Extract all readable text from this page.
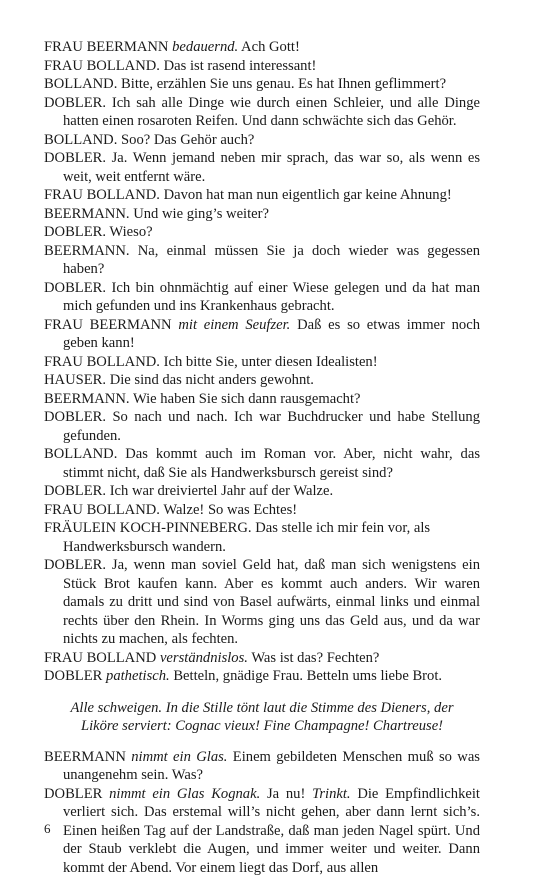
FRAU BEERMANN bedauernd. Ach Gott!

FRAU BOLLAND. Das ist rasend interessant!

BOLLAND. Bitte, erzählen Sie uns genau. Es hat Ihnen geflimmert?

DOBLER. Ich sah alle Dinge wie durch einen Schleier, und alle Dinge hatten einen rosaroten Reifen. Und dann schwächte sich das Gehör.

BOLLAND. Soo? Das Gehör auch?

DOBLER. Ja. Wenn jemand neben mir sprach, das war so, als wenn es weit, weit entfernt wäre.

FRAU BOLLAND. Davon hat man nun eigentlich gar keine Ahnung!

BEERMANN. Und wie ging’s weiter?

DOBLER. Wieso?

BEERMANN. Na, einmal müssen Sie ja doch wieder was gegessen haben?

DOBLER. Ich bin ohnmächtig auf einer Wiese gelegen und da hat man mich gefunden und ins Krankenhaus gebracht.

FRAU BEERMANN mit einem Seufzer. Daß es so etwas immer noch geben kann!

FRAU BOLLAND. Ich bitte Sie, unter diesen Idealisten!

HAUSER. Die sind das nicht anders gewohnt.

BEERMANN. Wie haben Sie sich dann rausgemacht?

DOBLER. So nach und nach. Ich war Buchdrucker und habe Stellung gefunden.

BOLLAND. Das kommt auch im Roman vor. Aber, nicht wahr, das stimmt nicht, daß Sie als Handwerksbursch gereist sind?

DOBLER. Ich war dreiviertel Jahr auf der Walze.

FRAU BOLLAND. Walze! So was Echtes!

FRÄULEIN KOCH-PINNEBERG. Das stelle ich mir fein vor, als Handwerksbursch wandern.

DOBLER. Ja, wenn man soviel Geld hat, daß man sich wenigstens ein Stück Brot kaufen kann. Aber es kommt auch anders. Wir waren damals zu dritt und sind von Basel aufwärts, einmal links und einmal rechts über den Rhein. In Worms ging uns das Geld aus, und da war nichts zu machen, als fechten.

FRAU BOLLAND verständnislos. Was ist das? Fechten?

DOBLER pathetisch. Betteln, gnädige Frau. Betteln ums liebe Brot.

Alle schweigen. In die Stille tönt laut die Stimme des Dieners, der Liköre serviert: Cognac vieux! Fine Champagne! Chartreuse!

BEERMANN nimmt ein Glas. Einem gebildeten Menschen muß so was unangenehm sein. Was?

DOBLER nimmt ein Glas Kognak. Ja nu! Trinkt. Die Empfindlichkeit verliert sich. Das erstemal will’s nicht gehen, aber dann lernt sich’s. Einen heißen Tag auf der Landstraße, daß man jeden Nagel spürt. Und der Staub verklebt die Augen, und immer weiter und weiter. Dann kommt der Abend. Vor einem liegt das Dorf, aus allen

6
